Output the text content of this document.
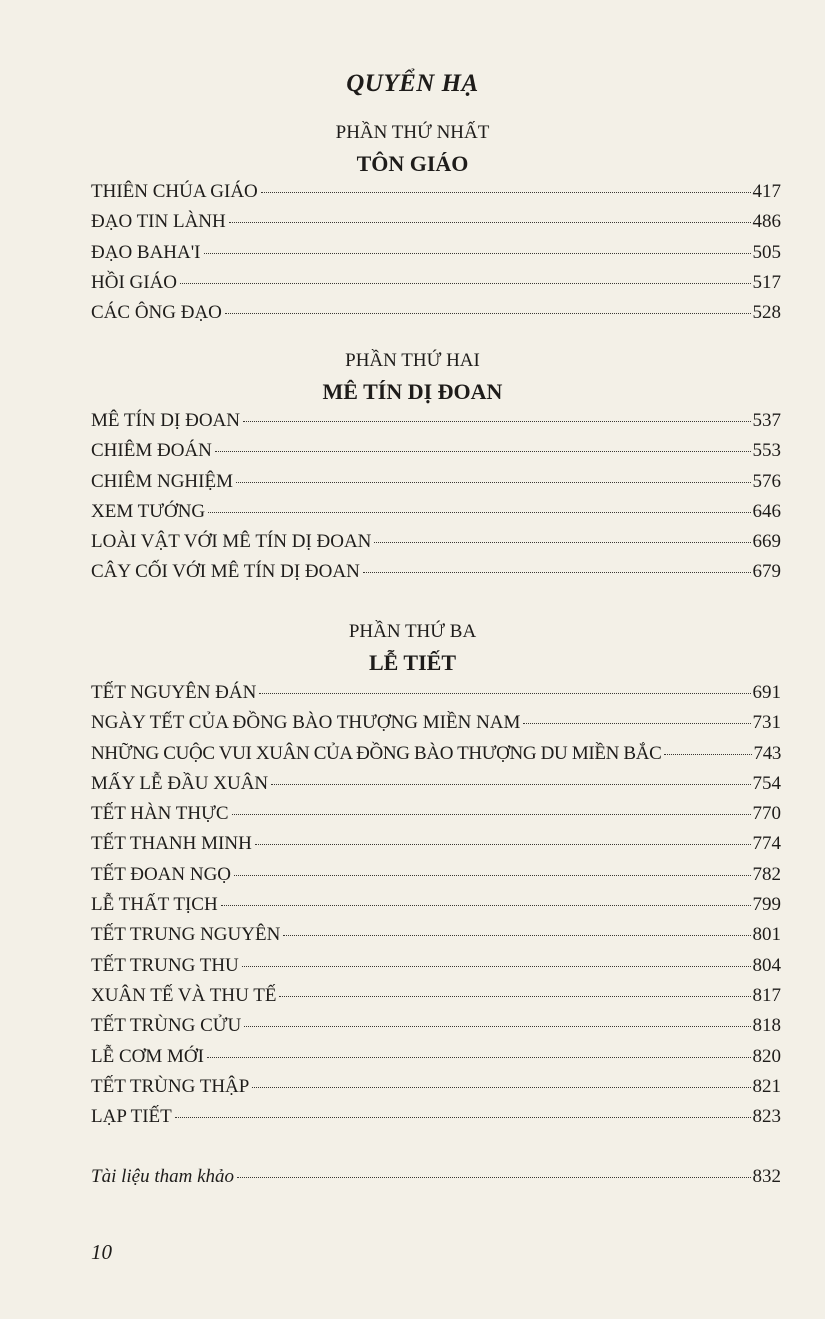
QUYỂN HẠ
PHẦN THỨ NHẤT
TÔN GIÁO
THIÊN CHÚA GIÁO	417
ĐẠO TIN LÀNH	486
ĐẠO BAHA'I	505
HỒI GIÁO	517
CÁC ÔNG ĐẠO	528
PHẦN THỨ HAI
MÊ TÍN DỊ ĐOAN
MÊ TÍN DỊ ĐOAN	537
CHIÊM ĐOÁN	553
CHIÊM NGHIỆM	576
XEM TƯỚNG	646
LOÀI VẬT VỚI MÊ TÍN DỊ ĐOAN	669
CÂY CỐI VỚI MÊ TÍN DỊ ĐOAN	679
PHẦN THỨ BA
LỄ TIẾT
TẾT NGUYÊN ĐÁN	691
NGÀY TẾT CỦA ĐỒNG BÀO THƯỢNG MIỀN NAM	731
NHỮNG CUỘC VUI XUÂN CỦA ĐỒNG BÀO THƯỢNG DU MIỀN BẮC	743
MẤY LỄ ĐẦU XUÂN	754
TẾT HÀN THỰC	770
TẾT THANH MINH	774
TẾT ĐOAN NGỌ	782
LỄ THẤT TỊCH	799
TẾT TRUNG NGUYÊN	801
TẾT TRUNG THU	804
XUÂN TẾ VÀ THU TẾ	817
TẾT TRÙNG CỬU	818
LỄ CƠM MỚI	820
TẾT TRÙNG THẬP	821
LẠP TIẾT	823
Tài liệu tham khảo	832
10
